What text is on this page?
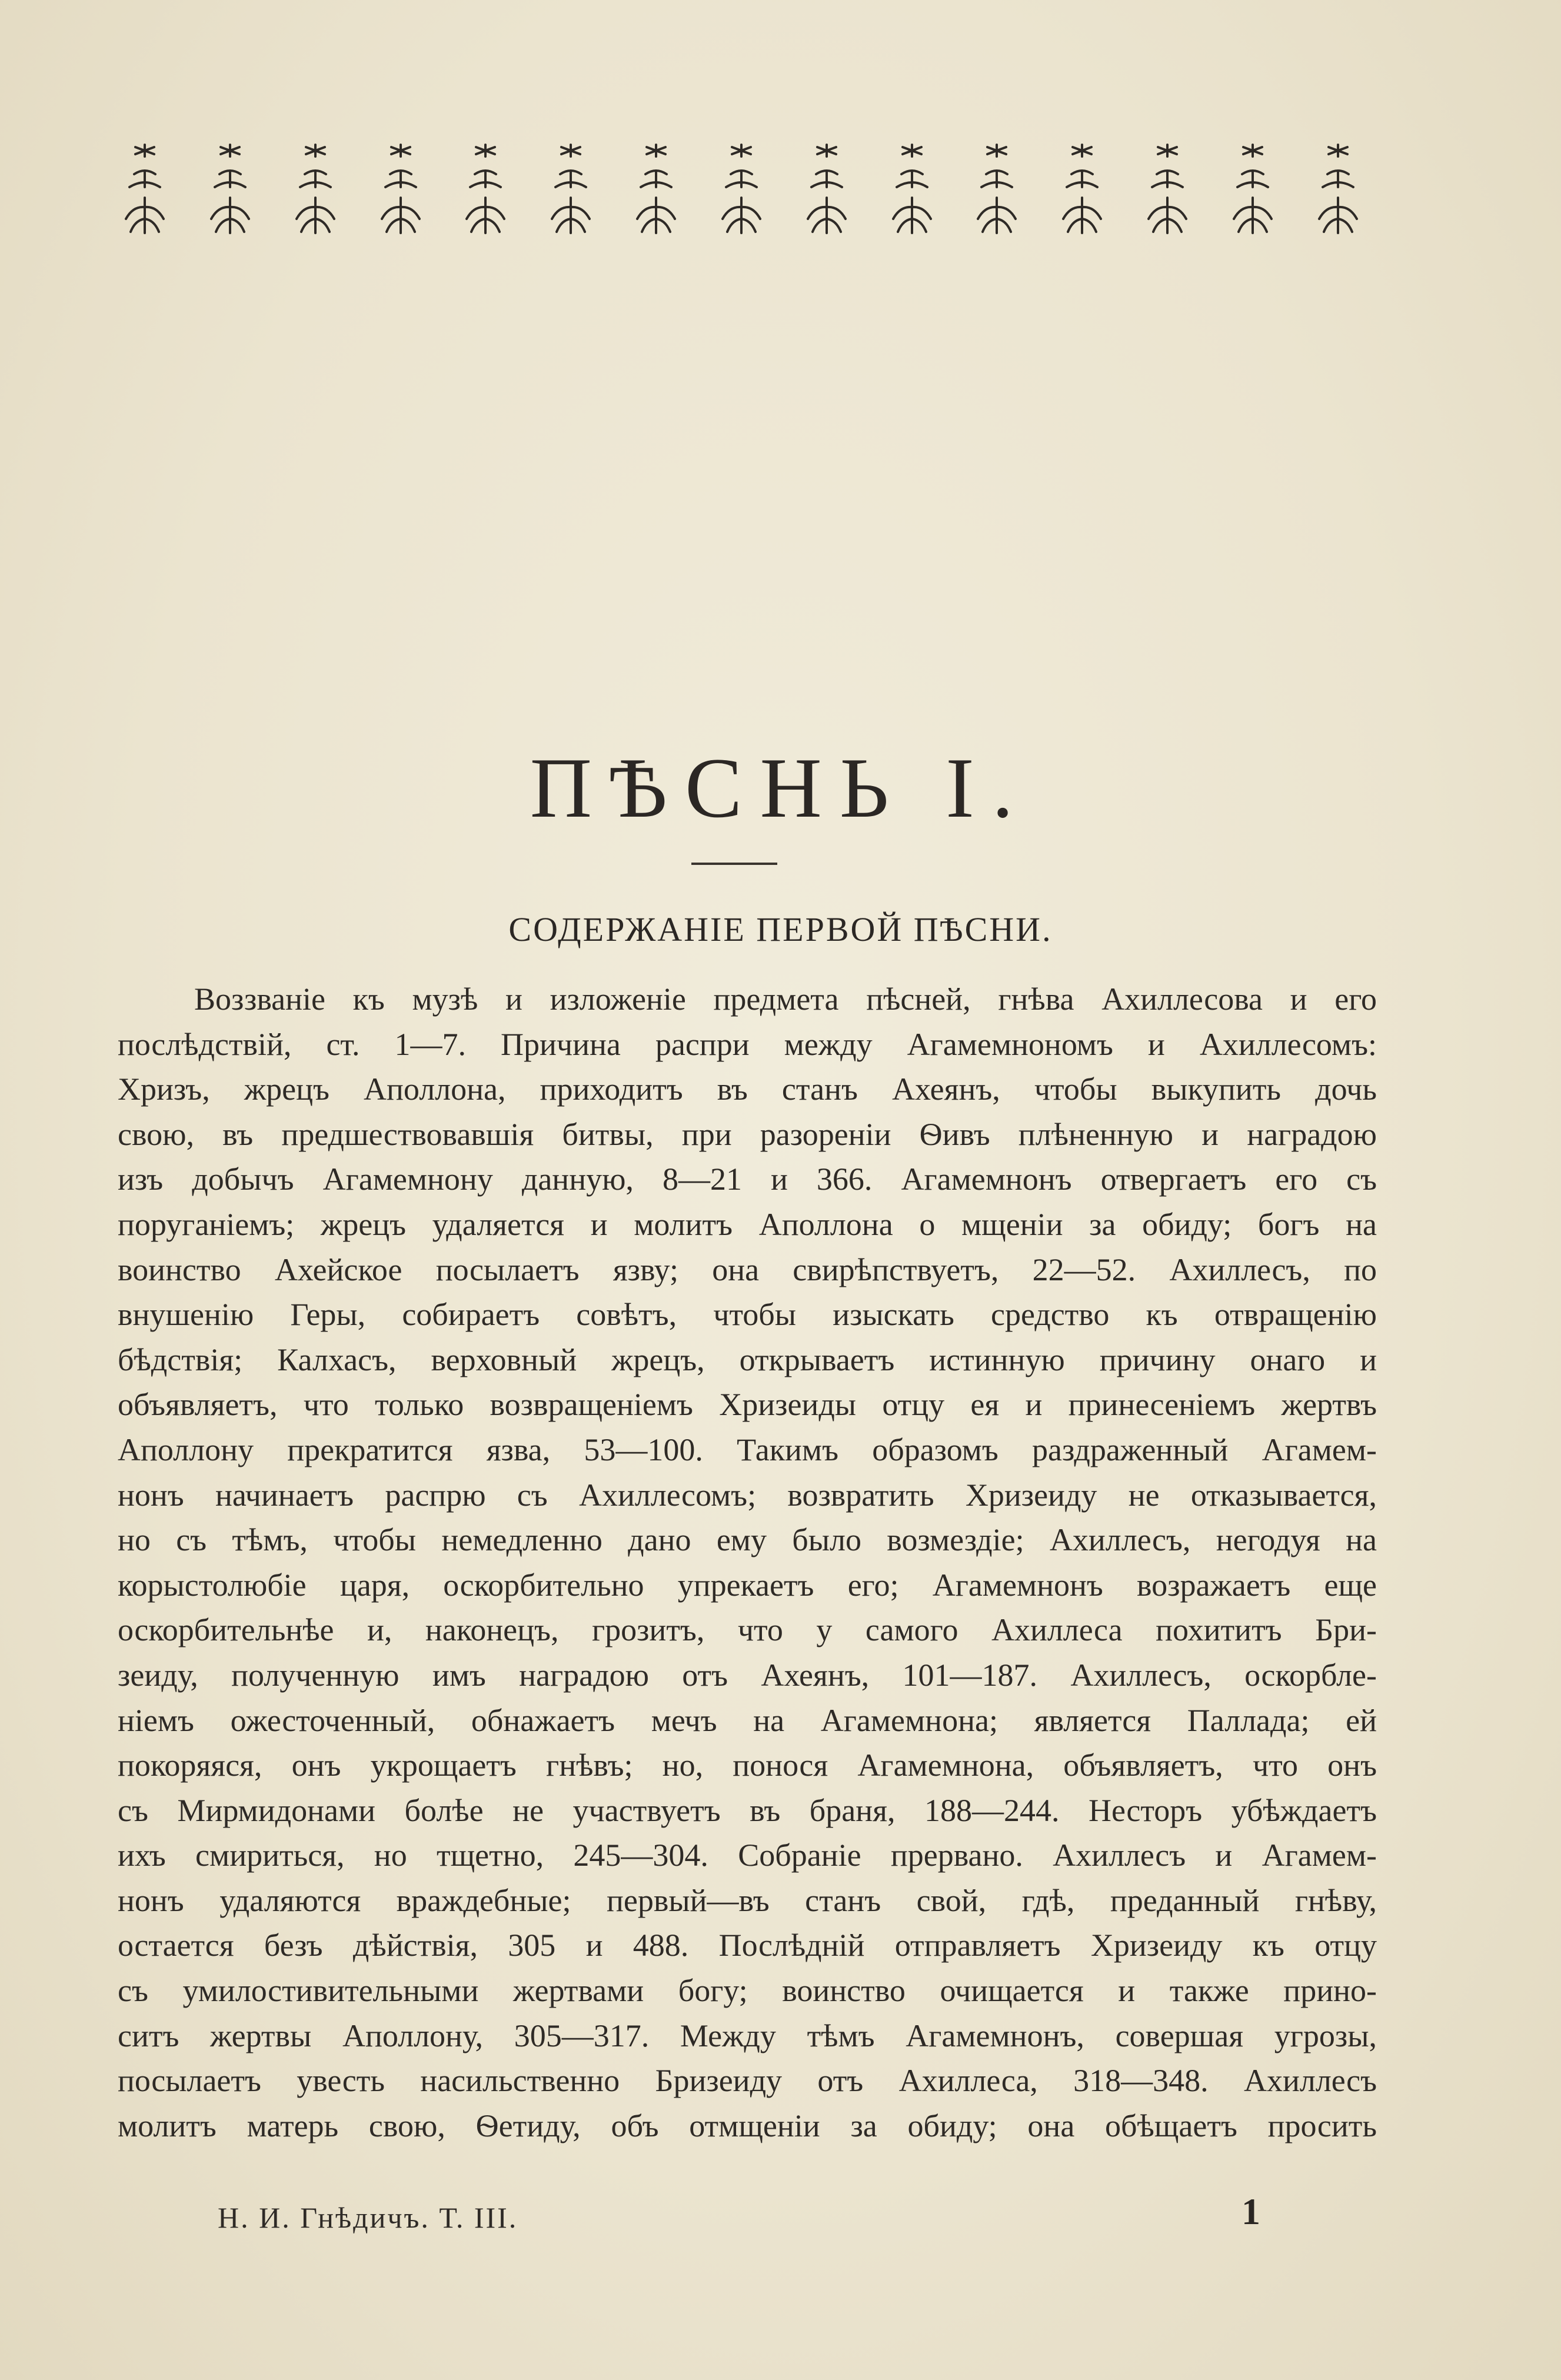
ПѢСНЬ I.
СОДЕРЖАНІЕ ПЕРВОЙ ПѢСНИ.
Воззваніе къ музѣ и изложеніе предмета пѣсней, гнѣва Ахиллесова и его
послѣдствій, ст. 1—7. Причина распри между Агамемнономъ и Ахиллесомъ:
Хризъ, жрецъ Аполлона, приходитъ въ станъ Ахеянъ, чтобы выкупить дочь
свою, въ предшествовавшія битвы, при разореніи Ѳивъ плѣненную и наградою
изъ добычъ Агамемнону данную, 8—21 и 366. Агамемнонъ отвергаетъ его съ
поруганіемъ; жрецъ удаляется и молитъ Аполлона о мщеніи за обиду; богъ на
воинство Ахейское посылаетъ язву; она свирѣпствуетъ, 22—52. Ахиллесъ, по
внушенію Геры, собираетъ совѣтъ, чтобы изыскать средство къ отвращенію
бѣдствія; Калхасъ, верховный жрецъ, открываетъ истинную причину онаго и
объявляетъ, что только возвращеніемъ Хризеиды отцу ея и принесеніемъ жертвъ
Аполлону прекратится язва, 53—100. Такимъ образомъ раздраженный Агамем-
нонъ начинаетъ распрю съ Ахиллесомъ; возвратить Хризеиду не отказывается,
но съ тѣмъ, чтобы немедленно дано ему было возмездіе; Ахиллесъ, негодуя на
корыстолюбіе царя, оскорбительно упрекаетъ его; Агамемнонъ возражаетъ еще
оскорбительнѣе и, наконецъ, грозитъ, что у самого Ахиллеса похититъ Бри-
зеиду, полученную имъ наградою отъ Ахеянъ, 101—187. Ахиллесъ, оскорбле-
ніемъ ожесточенный, обнажаетъ мечъ на Агамемнона; является Паллада; ей
покоряяся, онъ укрощаетъ гнѣвъ; но, понося Агамемнона, объявляетъ, что онъ
съ Мирмидонами болѣе не участвуетъ въ браня, 188—244. Несторъ убѣждаетъ
ихъ смириться, но тщетно, 245—304. Собраніе прервано. Ахиллесъ и Агамем-
нонъ удаляются враждебные; первый—въ станъ свой, гдѣ, преданный гнѣву,
остается безъ дѣйствія, 305 и 488. Послѣдній отправляетъ Хризеиду къ отцу
съ умилостивительными жертвами богу; воинство очищается и также прино-
ситъ жертвы Аполлону, 305—317. Между тѣмъ Агамемнонъ, совершая угрозы,
посылаетъ увесть насильственно Бризеиду отъ Ахиллеса, 318—348. Ахиллесъ
молитъ матерь свою, Ѳетиду, объ отмщеніи за обиду; она обѣщаетъ просить
Н. И. Гнѣдичъ. Т. III.	1
